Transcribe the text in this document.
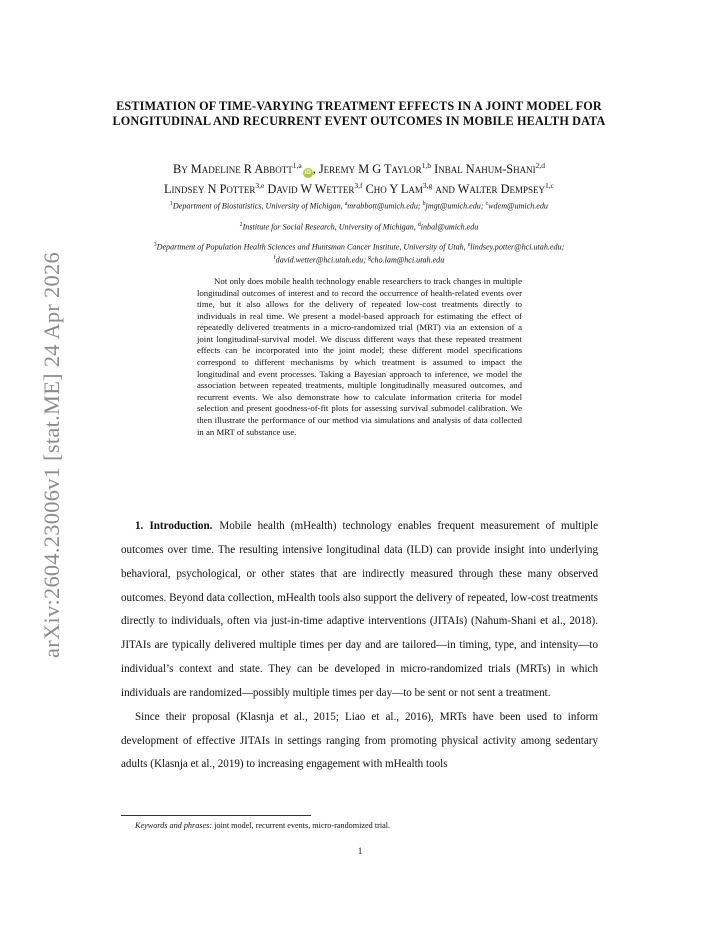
arXiv:2604.23006v1 [stat.ME] 24 Apr 2026
ESTIMATION OF TIME-VARYING TREATMENT EFFECTS IN A JOINT MODEL FOR LONGITUDINAL AND RECURRENT EVENT OUTCOMES IN MOBILE HEALTH DATA
By Madeline R Abbott$^{1,a}$iD , Jeremy M G Taylor$^{1,b}$ Inbal Nahum-Shani$^{2,d}$
Lindsey N Potter$^{3,e}$ David W Wetter$^{3,f}$ Cho Y Lam$^{3,g}$ and Walter Dempsey$^{1,c}$
$^1$Department of Biostatistics, University of Michigan, $^a$mrabbott@umich.edu; $^b$jmgt@umich.edu; $^c$wdem@umich.edu
$^2$Institute for Social Research, University of Michigan, $^d$inbal@umich.edu
$^3$Department of Population Health Sciences and Huntsman Cancer Institute, University of Utah, $^e$lindsey.potter@hci.utah.edu;
$^f$david.wetter@hci.utah.edu; $^g$cho.lam@hci.utah.edu
Not only does mobile health technology enable researchers to track changes in multiple longitudinal outcomes of interest and to record the occurrence of health-related events over time, but it also allows for the delivery of repeated low-cost treatments directly to individuals in real time. We present a model-based approach for estimating the effect of repeatedly delivered treatments in a micro-randomized trial (MRT) via an extension of a joint longitudinal-survival model. We discuss different ways that these repeated treatment effects can be incorporated into the joint model; these different model specifications correspond to different mechanisms by which treatment is assumed to impact the longitudinal and event processes. Taking a Bayesian approach to inference, we model the association between repeated treatments, multiple longitudinally measured outcomes, and recurrent events. We also demonstrate how to calculate information criteria for model selection and present goodness-of-fit plots for assessing survival submodel calibration. We then illustrate the performance of our method via simulations and analysis of data collected in an MRT of substance use.

1. Introduction. Mobile health (mHealth) technology enables frequent measurement of multiple outcomes over time. The resulting intensive longitudinal data (ILD) can provide insight into underlying behavioral, psychological, or other states that are indirectly measured through these many observed outcomes. Beyond data collection, mHealth tools also support the delivery of repeated, low-cost treatments directly to individuals, often via just-in-time adaptive interventions (JITAIs) (Nahum-Shani et al., 2018). JITAIs are typically delivered multiple times per day and are tailored—in timing, type, and intensity—to individual’s context and state. They can be developed in micro-randomized trials (MRTs) in which individuals are randomized—possibly multiple times per day—to be sent or not sent a treatment.

Since their proposal (Klasnja et al., 2015; Liao et al., 2016), MRTs have been used to inform development of effective JITAIs in settings ranging from promoting physical activity among sedentary adults (Klasnja et al., 2019) to increasing engagement with mHealth tools

Keywords and phrases: joint model, recurrent events, micro-randomized trial.
1
